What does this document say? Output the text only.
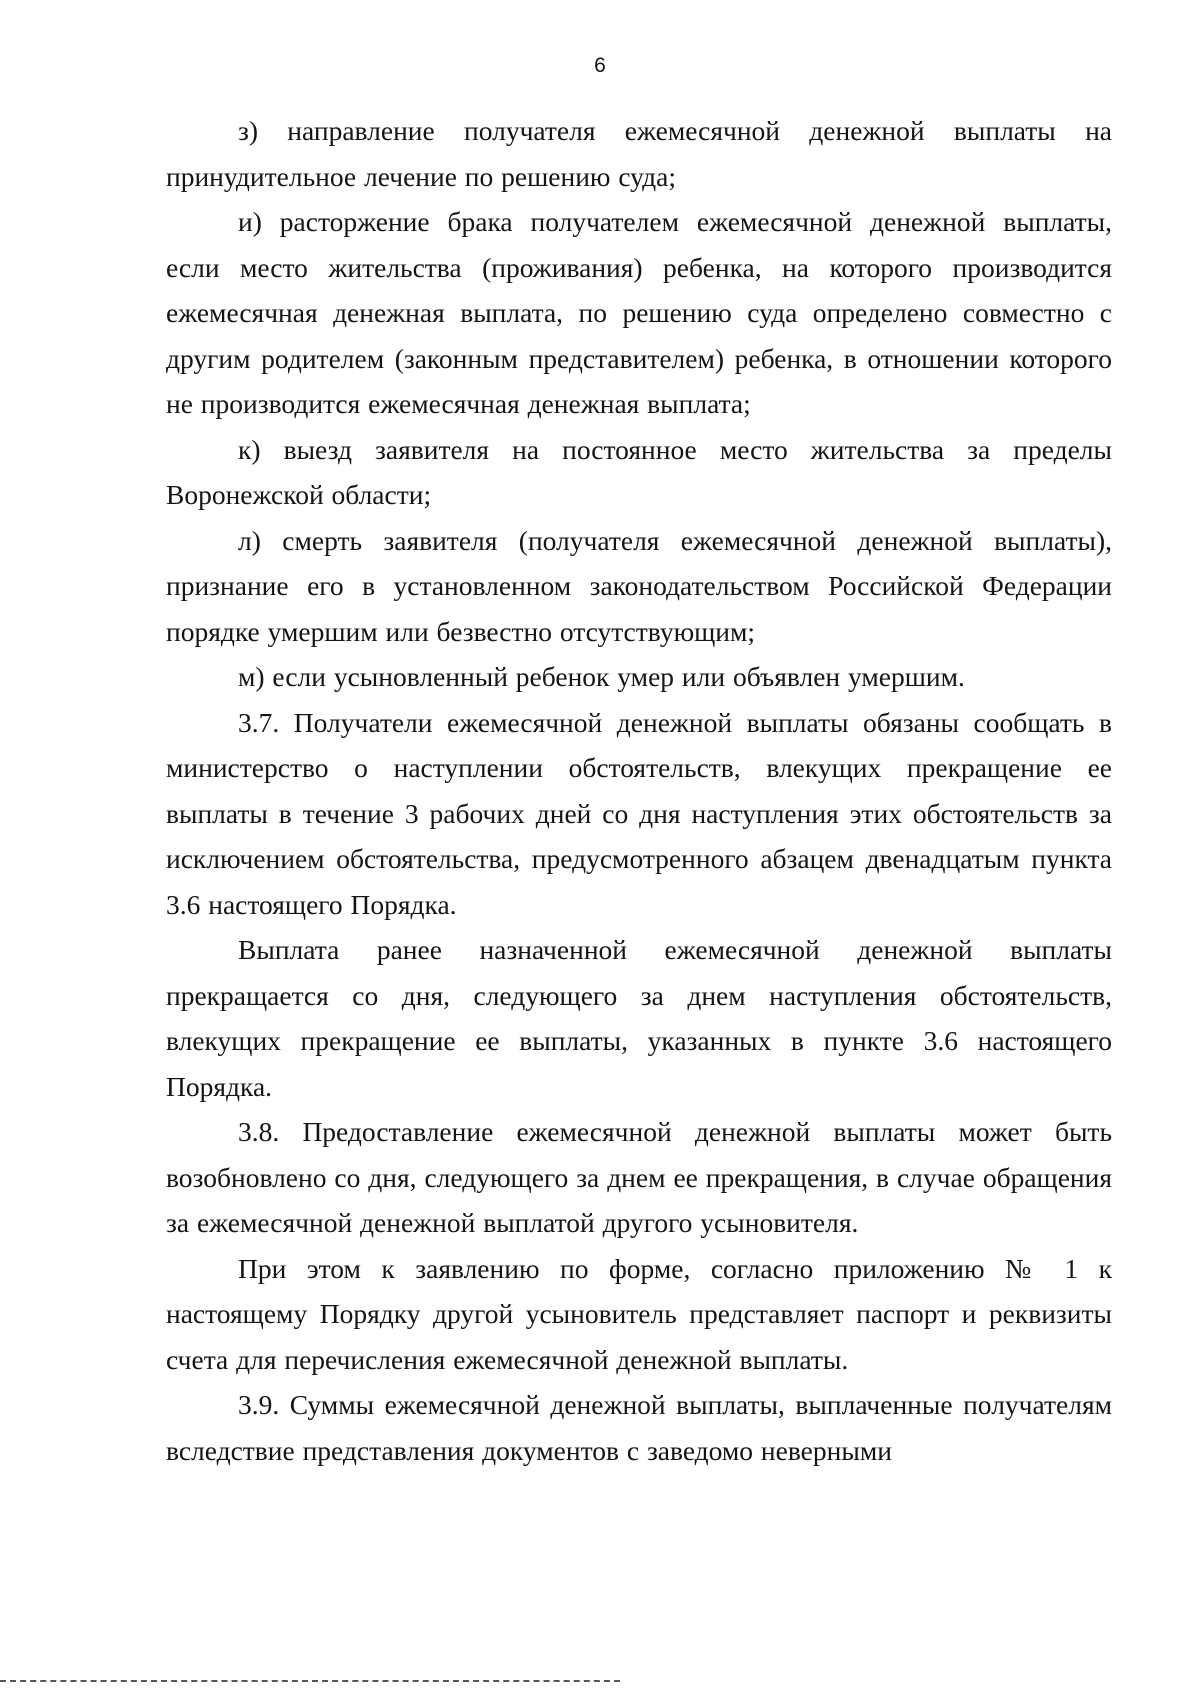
6

з) направление получателя ежемесячной денежной выплаты на принудительное лечение по решению суда;

и) расторжение брака получателем ежемесячной денежной выплаты, если место жительства (проживания) ребенка, на которого производится ежемесячная денежная выплата, по решению суда определено совместно с другим родителем (законным представителем) ребенка, в отношении которого не производится ежемесячная денежная выплата;

к) выезд заявителя на постоянное место жительства за пределы Воронежской области;

л) смерть заявителя (получателя ежемесячной денежной выплаты), признание его в установленном законодательством Российской Федерации порядке умершим или безвестно отсутствующим;

м) если усыновленный ребенок умер или объявлен умершим.

3.7. Получатели ежемесячной денежной выплаты обязаны сообщать в министерство о наступлении обстоятельств, влекущих прекращение ее выплаты в течение 3 рабочих дней со дня наступления этих обстоятельств за исключением обстоятельства, предусмотренного абзацем двенадцатым пункта 3.6 настоящего Порядка.

Выплата ранее назначенной ежемесячной денежной выплаты прекращается со дня, следующего за днем наступления обстоятельств, влекущих прекращение ее выплаты, указанных в пункте 3.6 настоящего Порядка.

3.8. Предоставление ежемесячной денежной выплаты может быть возобновлено со дня, следующего за днем ее прекращения, в случае обращения за ежемесячной денежной выплатой другого усыновителя.

При этом к заявлению по форме, согласно приложению № 1 к настоящему Порядку другой усыновитель представляет паспорт и реквизиты счета для перечисления ежемесячной денежной выплаты.

3.9. Суммы ежемесячной денежной выплаты, выплаченные получателям вследствие представления документов с заведомо неверными
